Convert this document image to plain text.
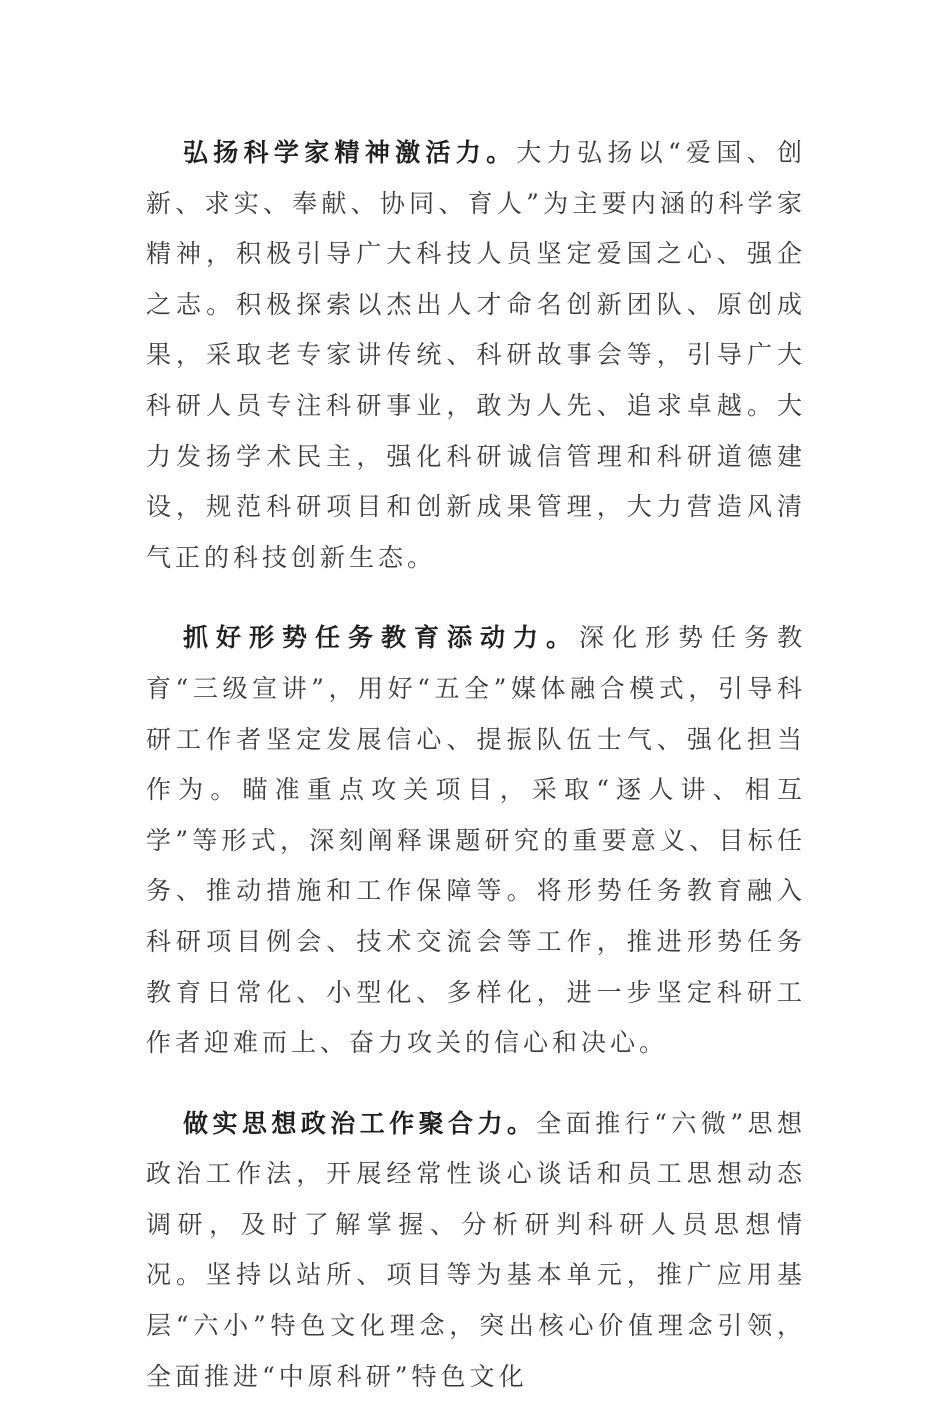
弘扬科学家精神激活力。大力弘扬以“爱国、创新、求实、奉献、协同、育人”为主要内涵的科学家精神，积极引导广大科技人员坚定爱国之心、强企之志。积极探索以杰出人才命名创新团队、原创成果，采取老专家讲传统、科研故事会等，引导广大科研人员专注科研事业，敢为人先、追求卓越。大力发扬学术民主，强化科研诚信管理和科研道德建设，规范科研项目和创新成果管理，大力营造风清气正的科技创新生态。

抓好形势任务教育添动力。深化形势任务教育“三级宣讲”，用好“五全”媒体融合模式，引导科研工作者坚定发展信心、提振队伍士气、强化担当作为。瞄准重点攻关项目，采取“逐人讲、相互学”等形式，深刻阐释课题研究的重要意义、目标任务、推动措施和工作保障等。将形势任务教育融入科研项目例会、技术交流会等工作，推进形势任务教育日常化、小型化、多样化，进一步坚定科研工作者迎难而上、奋力攻关的信心和决心。

做实思想政治工作聚合力。全面推行“六微”思想政治工作法，开展经常性谈心谈话和员工思想动态调研，及时了解掌握、分析研判科研人员思想情况。坚持以站所、项目等为基本单元，推广应用基层“六小”特色文化理念，突出核心价值理念引领，全面推进“中原科研”特色文化
